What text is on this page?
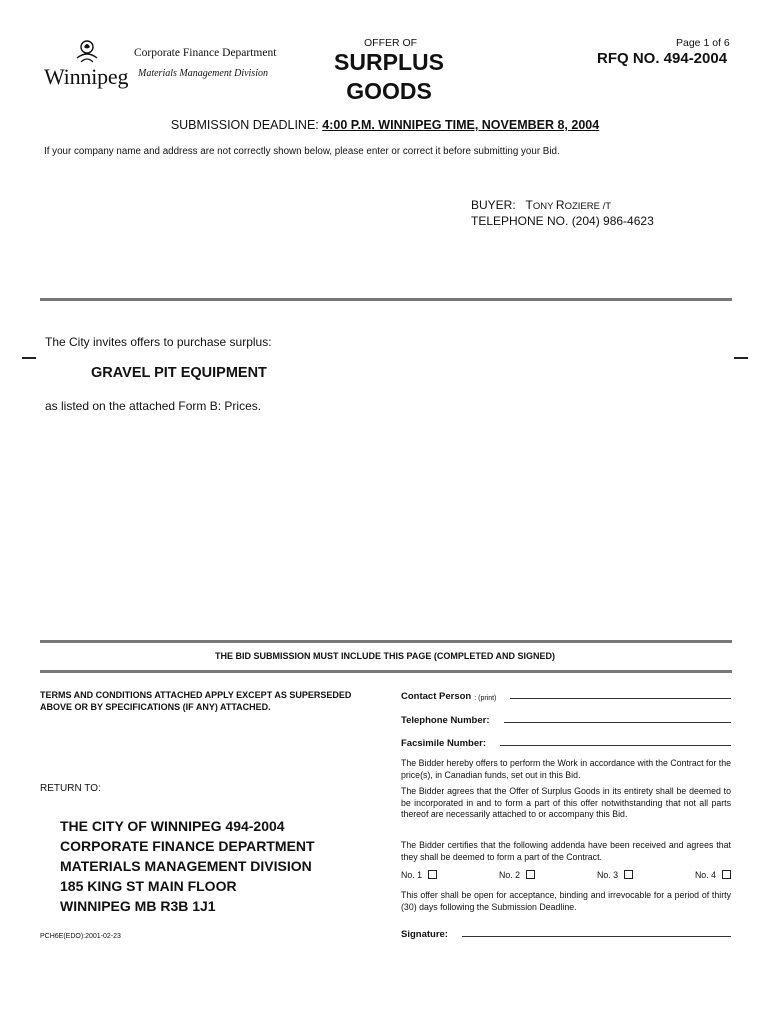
Winnipeg
Corporate Finance Department
Materials Management Division
OFFER OF
SURPLUS
GOODS
Page 1 of 6
RFQ NO. 494-2004
SUBMISSION DEADLINE: 4:00 P.M. WINNIPEG TIME, NOVEMBER 8, 2004
If your company name and address are not correctly shown below, please enter or correct it before submitting your Bid.
BUYER: TONY ROZIERE /T
TELEPHONE NO. (204) 986-4623
The City invites offers to purchase surplus:
GRAVEL PIT EQUIPMENT
as listed on the attached Form B: Prices.
THE BID SUBMISSION MUST INCLUDE THIS PAGE (COMPLETED AND SIGNED)
TERMS AND CONDITIONS ATTACHED APPLY EXCEPT AS SUPERSEDED ABOVE OR BY SPECIFICATIONS (IF ANY) ATTACHED.
RETURN TO:
THE CITY OF WINNIPEG 494-2004
CORPORATE FINANCE DEPARTMENT
MATERIALS MANAGEMENT DIVISION
185 KING ST MAIN FLOOR
WINNIPEG MB R3B 1J1
PCH6E(EDO):2001-02-23
Contact Person : (print)
Telephone Number:
Facsimile Number:
The Bidder hereby offers to perform the Work in accordance with the Contract for the price(s), in Canadian funds, set out in this Bid.
The Bidder agrees that the Offer of Surplus Goods in its entirety shall be deemed to be incorporated in and to form a part of this offer notwithstanding that not all parts thereof are necessarily attached to or accompany this Bid.
The Bidder certifies that the following addenda have been received and agrees that they shall be deemed to form a part of the Contract.
No. 1	No. 2	No. 3	No. 4
This offer shall be open for acceptance, binding and irrevocable for a period of thirty (30) days following the Submission Deadline.
Signature:
